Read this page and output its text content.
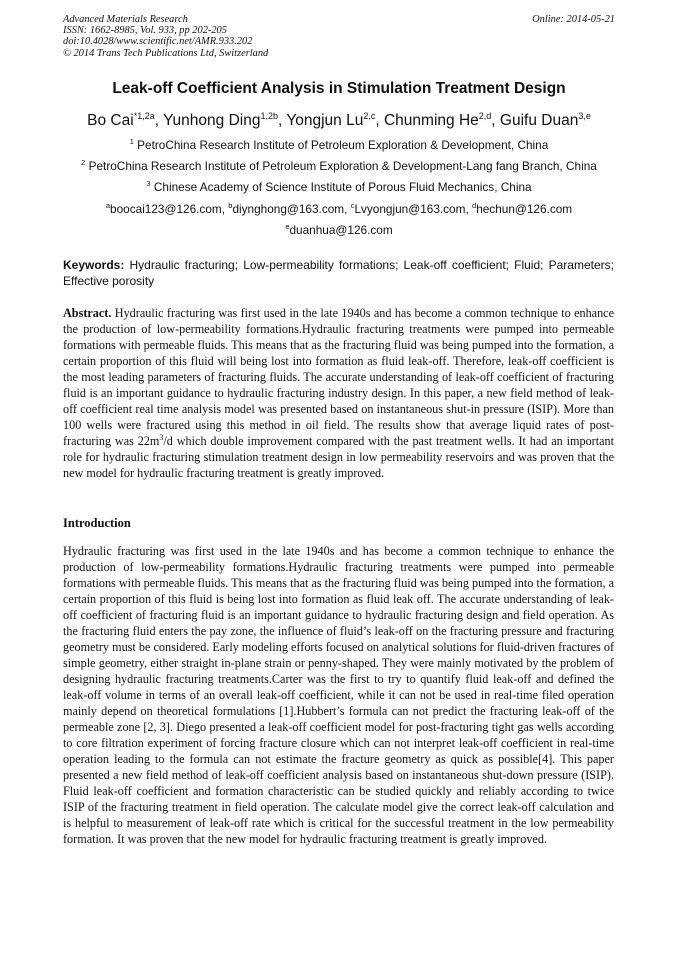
Advanced Materials Research
ISSN: 1662-8985, Vol. 933, pp 202-205
doi:10.4028/www.scientific.net/AMR.933.202
© 2014 Trans Tech Publications Ltd, Switzerland
Online: 2014-05-21
Leak-off Coefficient Analysis in Stimulation Treatment Design
Bo Cai$^{*1,2a}$, Yunhong Ding$^{1,2b}$, Yongjun Lu$^{2,c}$, Chunming He$^{2,d}$, Guifu Duan$^{3,e}$
$^1$ PetroChina Research Institute of Petroleum Exploration & Development, China
$^2$ PetroChina Research Institute of Petroleum Exploration & Development-Lang fang Branch, China
$^3$ Chinese Academy of Science Institute of Porous Fluid Mechanics, China
$^a$boocai123@126.com, $^b$diynghong@163.com, $^c$Lvyongjun@163.com, $^d$hechun@126.com
$^e$duanhua@126.com
Keywords: Hydraulic fracturing; Low-permeability formations; Leak-off coefficient; Fluid; Parameters; Effective porosity
Abstract. Hydraulic fracturing was first used in the late 1940s and has become a common technique to enhance the production of low-permeability formations.Hydraulic fracturing treatments were pumped into permeable formations with permeable fluids. This means that as the fracturing fluid was being pumped into the formation, a certain proportion of this fluid will being lost into formation as fluid leak-off. Therefore, leak-off coefficient is the most leading parameters of fracturing fluids. The accurate understanding of leak-off coefficient of fracturing fluid is an important guidance to hydraulic fracturing industry design. In this paper, a new field method of leak-off coefficient real time analysis model was presented based on instantaneous shut-in pressure (ISIP). More than 100 wells were fractured using this method in oil field. The results show that average liquid rates of post-fracturing was $22m^3/d$ which double improvement compared with the past treatment wells. It had an important role for hydraulic fracturing stimulation treatment design in low permeability reservoirs and was proven that the new model for hydraulic fracturing treatment is greatly improved.
Introduction
Hydraulic fracturing was first used in the late 1940s and has become a common technique to enhance the production of low-permeability formations.Hydraulic fracturing treatments were pumped into permeable formations with permeable fluids. This means that as the fracturing fluid was being pumped into the formation, a certain proportion of this fluid is being lost into formation as fluid leak off. The accurate understanding of leak-off coefficient of fracturing fluid is an important guidance to hydraulic fracturing design and field operation. As the fracturing fluid enters the pay zone, the influence of fluid’s leak-off on the fracturing pressure and fracturing geometry must be considered. Early modeling efforts focused on analytical solutions for fluid-driven fractures of simple geometry, either straight in-plane strain or penny-shaped. They were mainly motivated by the problem of designing hydraulic fracturing treatments.Carter was the first to try to quantify fluid leak-off and defined the leak-off volume in terms of an overall leak-off coefficient, while it can not be used in real-time filed operation mainly depend on theoretical formulations [1].Hubbert’s formula can not predict the fracturing leak-off of the permeable zone [2, 3]. Diego presented a leak-off coefficient model for post-fracturing tight gas wells according to core filtration experiment of forcing fracture closure which can not interpret leak-off coefficient in real-time operation leading to the formula can not estimate the fracture geometry as quick as possible[4]. This paper presented a new field method of leak-off coefficient analysis based on instantaneous shut-down pressure (ISIP). Fluid leak-off coefficient and formation characteristic can be studied quickly and reliably according to twice ISIP of the fracturing treatment in field operation. The calculate model give the correct leak-off calculation and is helpful to measurement of leak-off rate which is critical for the successful treatment in the low permeability formation. It was proven that the new model for hydraulic fracturing treatment is greatly improved.
